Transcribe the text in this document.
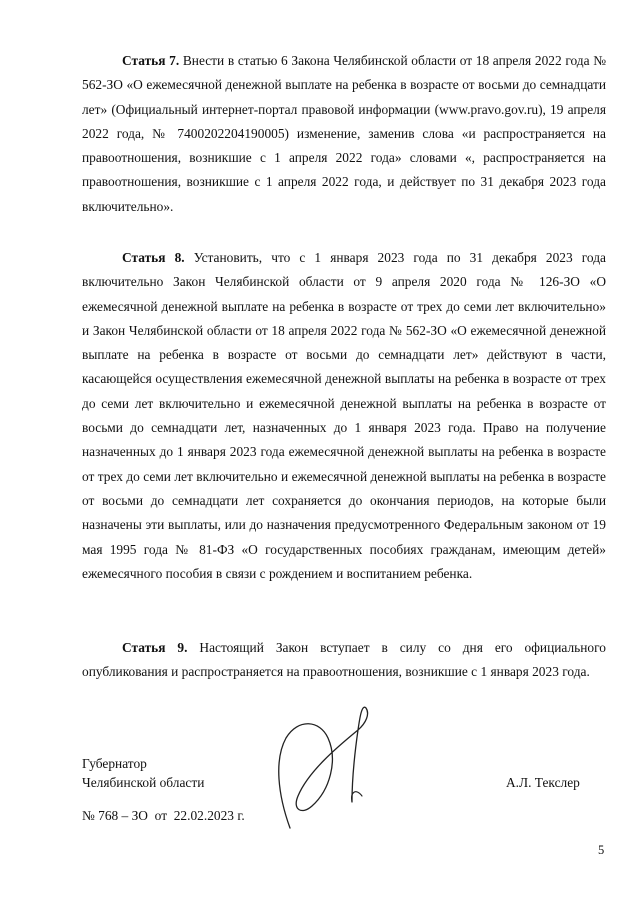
Статья 7. Внести в статью 6 Закона Челябинской области от 18 апреля 2022 года № 562-ЗО «О ежемесячной денежной выплате на ребенка в возрасте от восьми до семнадцати лет» (Официальный интернет-портал правовой информации (www.pravo.gov.ru), 19 апреля 2022 года, № 7400202204190005) изменение, заменив слова «и распространяется на правоотношения, возникшие с 1 апреля 2022 года» словами «, распространяется на правоотношения, возникшие с 1 апреля 2022 года, и действует по 31 декабря 2023 года включительно».

Статья 8. Установить, что с 1 января 2023 года по 31 декабря 2023 года включительно Закон Челябинской области от 9 апреля 2020 года № 126-ЗО «О ежемесячной денежной выплате на ребенка в возрасте от трех до семи лет включительно» и Закон Челябинской области от 18 апреля 2022 года № 562-ЗО «О ежемесячной денежной выплате на ребенка в возрасте от восьми до семнадцати лет» действуют в части, касающейся осуществления ежемесячной денежной выплаты на ребенка в возрасте от трех до семи лет включительно и ежемесячной денежной выплаты на ребенка в возрасте от восьми до семнадцати лет, назначенных до 1 января 2023 года. Право на получение назначенных до 1 января 2023 года ежемесячной денежной выплаты на ребенка в возрасте от трех до семи лет включительно и ежемесячной денежной выплаты на ребенка в возрасте от восьми до семнадцати лет сохраняется до окончания периодов, на которые были назначены эти выплаты, или до назначения предусмотренного Федеральным законом от 19 мая 1995 года № 81-ФЗ «О государственных пособиях гражданам, имеющим детей» ежемесячного пособия в связи с рождением и воспитанием ребенка.

Статья 9. Настоящий Закон вступает в силу со дня его официального опубликования и распространяется на правоотношения, возникшие с 1 января 2023 года.

Губернатор
Челябинской области	А.Л. Текслер
№ 768 – ЗО  от  22.02.2023 г.
5
